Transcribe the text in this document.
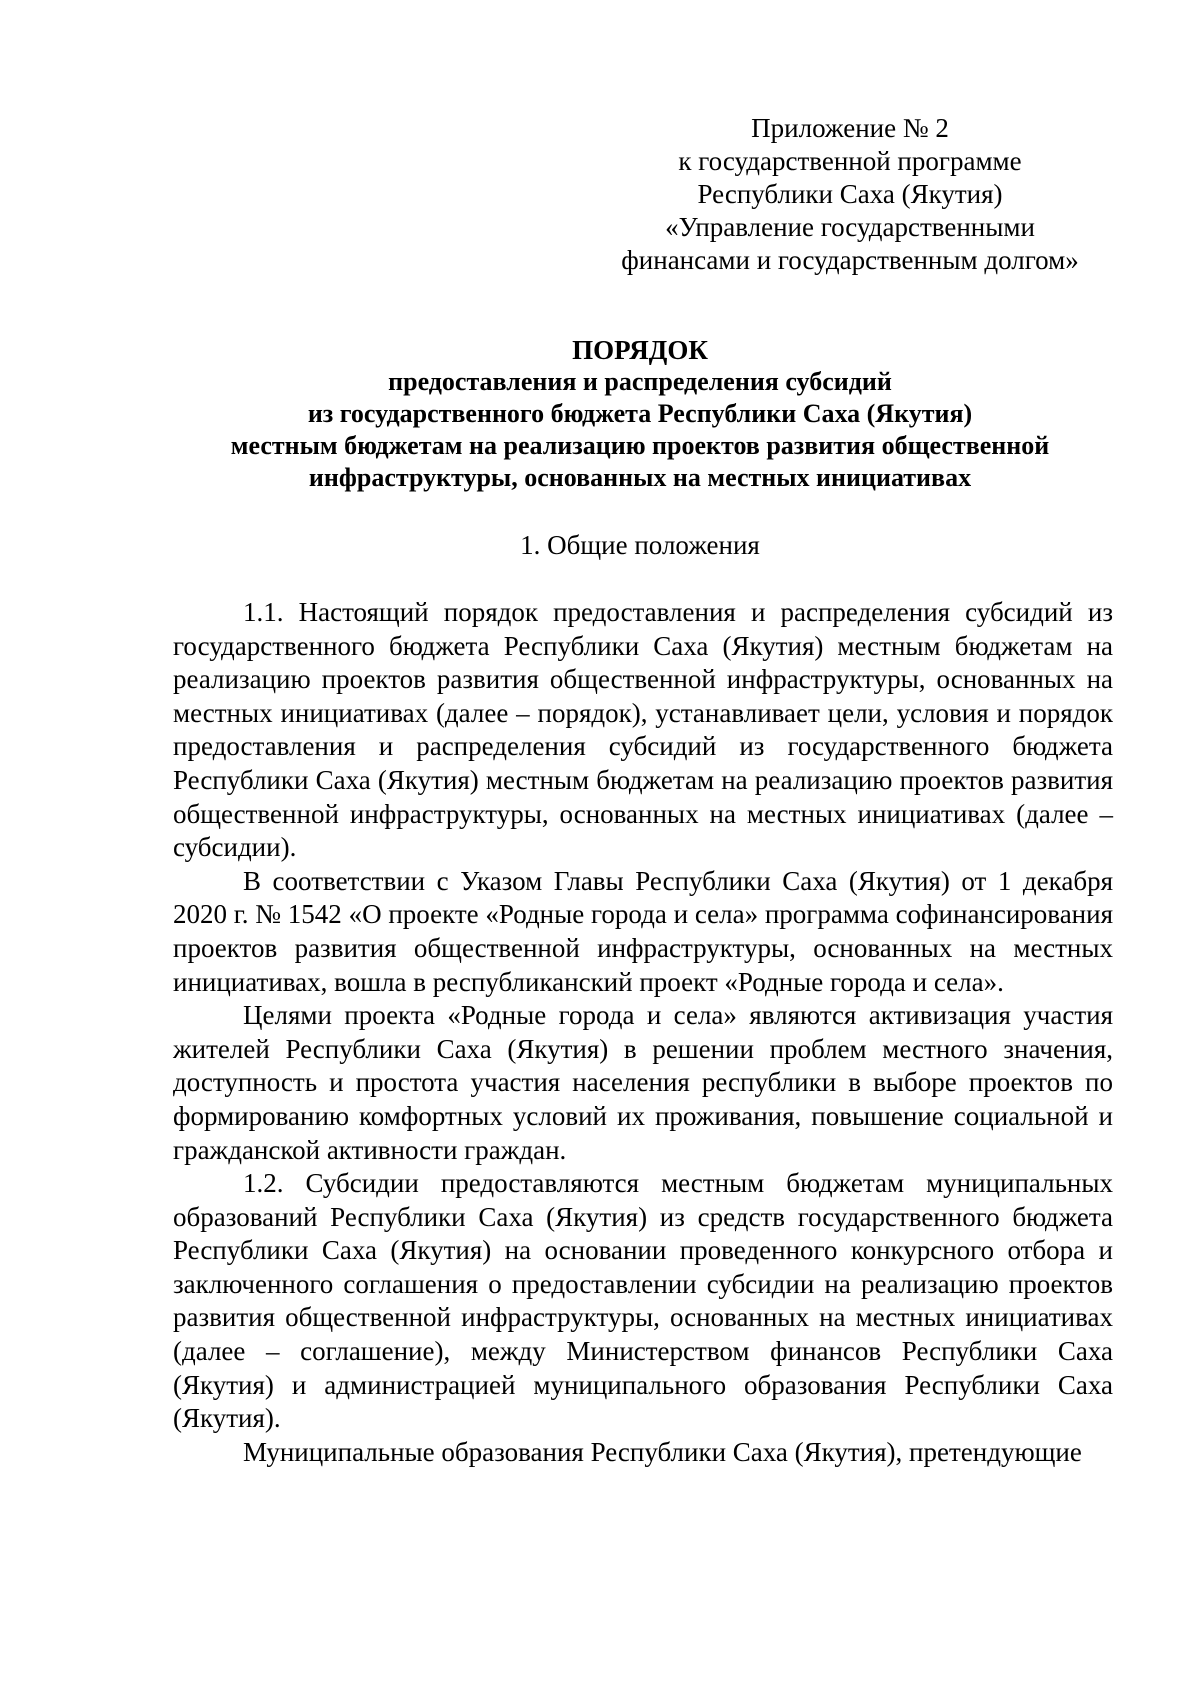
Приложение № 2
к государственной программе
Республики Саха (Якутия)
«Управление государственными
финансами и государственным долгом»
ПОРЯДОК
предоставления и распределения субсидий
из государственного бюджета Республики Саха (Якутия)
местным бюджетам на реализацию проектов развития общественной
инфраструктуры, основанных на местных инициативах
1. Общие положения

1.1. Настоящий порядок предоставления и распределения субсидий из государственного бюджета Республики Саха (Якутия) местным бюджетам на реализацию проектов развития общественной инфраструктуры, основанных на местных инициативах (далее – порядок), устанавливает цели, условия и порядок предоставления и распределения субсидий из государственного бюджета Республики Саха (Якутия) местным бюджетам на реализацию проектов развития общественной инфраструктуры, основанных на местных инициативах (далее – субсидии).

В соответствии с Указом Главы Республики Саха (Якутия) от 1 декабря 2020 г. № 1542 «О проекте «Родные города и села» программа софинансирования проектов развития общественной инфраструктуры, основанных на местных инициативах, вошла в республиканский проект «Родные города и села».

Целями проекта «Родные города и села» являются активизация участия жителей Республики Саха (Якутия) в решении проблем местного значения, доступность и простота участия населения республики в выборе проектов по формированию комфортных условий их проживания, повышение социальной и гражданской активности граждан.

1.2. Субсидии предоставляются местным бюджетам муниципальных образований Республики Саха (Якутия) из средств государственного бюджета Республики Саха (Якутия) на основании проведенного конкурсного отбора и заключенного соглашения о предоставлении субсидии на реализацию проектов развития общественной инфраструктуры, основанных на местных инициативах (далее – соглашение), между Министерством финансов Республики Саха (Якутия) и администрацией муниципального образования Республики Саха (Якутия).

Муниципальные образования Республики Саха (Якутия), претендующие
